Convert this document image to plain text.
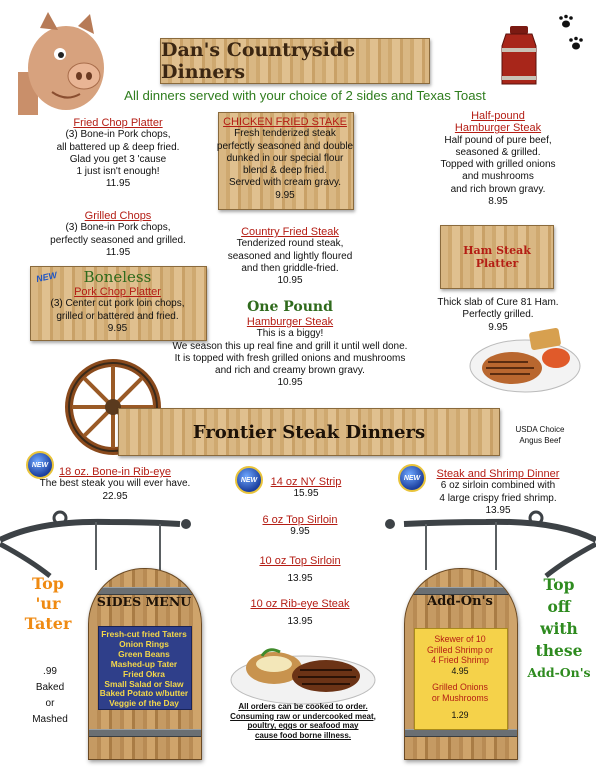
Dan's Countryside Dinners
All dinners served with your choice of 2 sides and Texas Toast
Fried Chop Platter
(3) Bone-in Pork chops,
all battered up & deep fried.
Glad you get 3 'cause
1 just isn't enough!
11.95
Grilled Chops
(3) Bone-in Pork chops,
perfectly seasoned and grilled.
11.95
NEW	Boneless
Pork Chop Platter
(3) Center cut pork loin chops,
grilled or battered and fried.
9.95
CHICKEN FRIED STAKE
Fresh tenderized steak
perfectly seasoned and double
dunked in our special flour
blend & deep fried.
Served with cream gravy.
9.95
Country Fried Steak
Tenderized round steak,
seasoned and lightly floured
and then griddle-fried.
10.95
One Pound
Hamburger Steak
This is a biggy!
We season this up real fine and grill it until well done.
It is topped with fresh grilled onions and mushrooms
and rich and creamy brown gravy.
10.95
Half-pound
Hamburger Steak
Half pound of pure beef,
seasoned & grilled.
Topped with grilled onions
and mushrooms
and rich brown gravy.
8.95
Ham Steak
Platter
Thick slab of Cure 81 Ham.
Perfectly grilled.
9.95
Frontier Steak Dinners	USDA Choice
Angus Beef
NEW
18 oz. Bone-in Rib-eye
The best steak you will ever have.
22.95
NEW	14 oz NY Strip
15.95
NEW	Steak and Shrimp Dinner
6 oz sirloin combined with
4 large crispy fried shrimp.
13.95
6 oz Top Sirloin
9.95
10 oz Top Sirloin
13.95
10 oz Rib-eye Steak
13.95
All orders can be cooked to order.
Consuming raw or undercooked meat,
poultry, eggs or seafood may
cause food borne illness.
SIDES MENU
Fresh-cut fried Taters
Onion Rings
Green Beans
Mashed-up Tater
Fried Okra
Small Salad or Slaw
Baked Potato w/butter
Veggie of the Day
Top
'ur
Tater
.99
Baked
or
Mashed
Add-On's
Skewer of 10
Grilled Shrimp or
4 Fried Shrimp
4.95
Grilled Onions
or Mushrooms
1.29
Top
off
with
these
Add-On's
